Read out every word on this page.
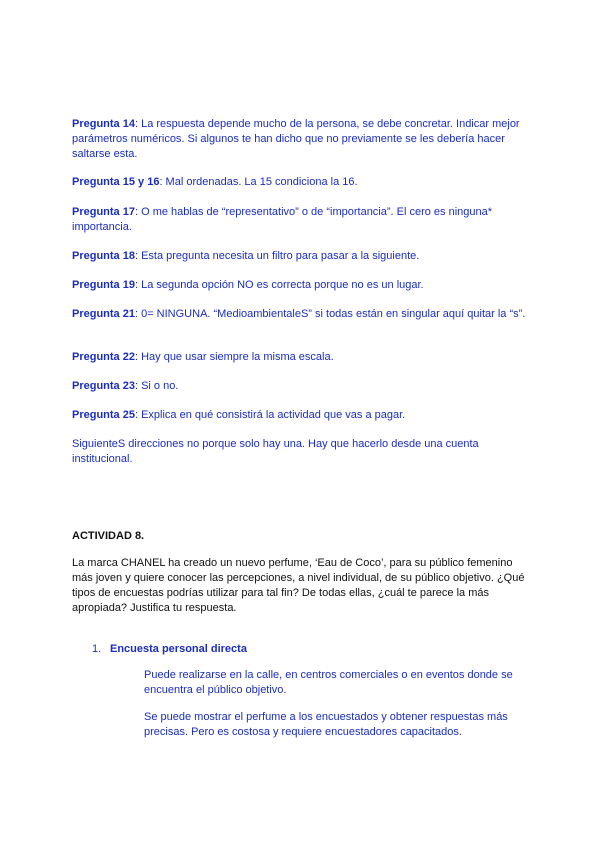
Pregunta 14: La respuesta depende mucho de la persona, se debe concretar. Indicar mejor parámetros numéricos. Si algunos te han dicho que no previamente se les debería hacer saltarse esta.

Pregunta 15 y 16: Mal ordenadas. La 15 condiciona la 16.

Pregunta 17: O me hablas de “representativo” o de “importancia”. El cero es ninguna* importancia.

Pregunta 18: Esta pregunta necesita un filtro para pasar a la siguiente.

Pregunta 19: La segunda opción NO es correcta porque no es un lugar.

Pregunta 21: 0= NINGUNA. “MedioambientaleS” si todas están en singular aquí quitar la “s”.

Pregunta 22: Hay que usar siempre la misma escala.

Pregunta 23: Si o no.

Pregunta 25: Explica en qué consistirá la actividad que vas a pagar.

SiguienteS direcciones no porque solo hay una. Hay que hacerlo desde una cuenta institucional.

ACTIVIDAD 8.

La marca CHANEL ha creado un nuevo perfume, ‘Eau de Coco’, para su público femenino más joven y quiere conocer las percepciones, a nivel individual, de su público objetivo. ¿Qué tipos de encuestas podrías utilizar para tal fin? De todas ellas, ¿cuál te parece la más apropiada? Justifica tu respuesta.

1. Encuesta personal directa

Puede realizarse en la calle, en centros comerciales o en eventos donde se encuentra el público objetivo.

Se puede mostrar el perfume a los encuestados y obtener respuestas más precisas. Pero es costosa y requiere encuestadores capacitados.
